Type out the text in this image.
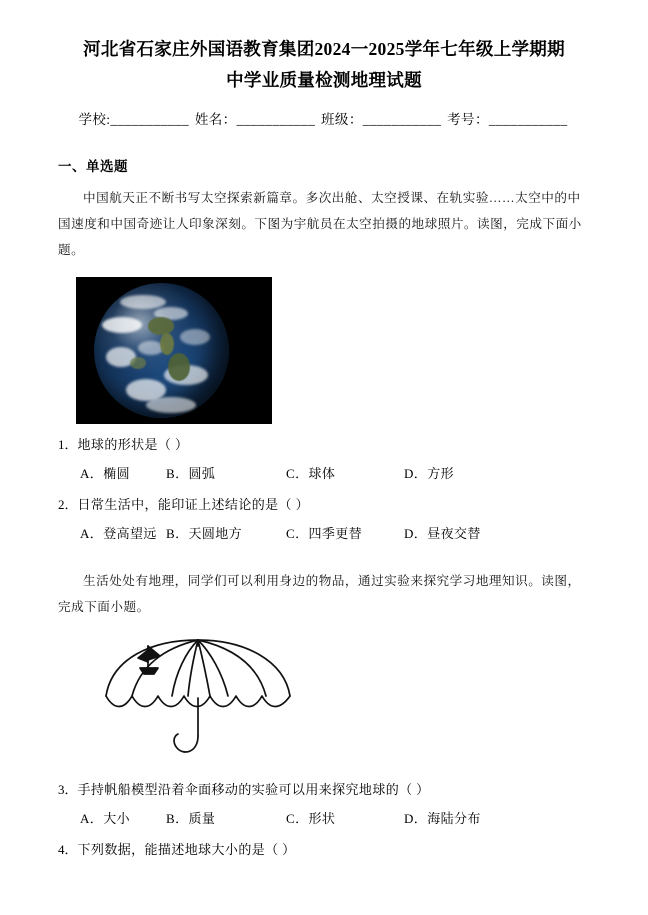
河北省石家庄外国语教育集团2024一2025学年七年级上学期期
中学业质量检测地理试题
学校:___________ 姓名：___________ 班级：___________ 考号：___________
一、单选题
中国航天正不断书写太空探索新篇章。多次出舱、太空授课、在轨实验……太空中的中国速度和中国奇迹让人印象深刻。下图为宇航员在太空拍摄的地球照片。读图，完成下面小题。
1．地球的形状是（ ）
A．椭圆	B．圆弧	C．球体	D．方形
2．日常生活中，能印证上述结论的是（ ）
A．登高望远 B．天圆地方	C．四季更替	D．昼夜交替
生活处处有地理，同学们可以利用身边的物品，通过实验来探究学习地理知识。读图，完成下面小题。
3．手持帆船模型沿着伞面移动的实验可以用来探究地球的（ ）
A．大小	B．质量	C．形状	D．海陆分布
4．下列数据，能描述地球大小的是（ ）
